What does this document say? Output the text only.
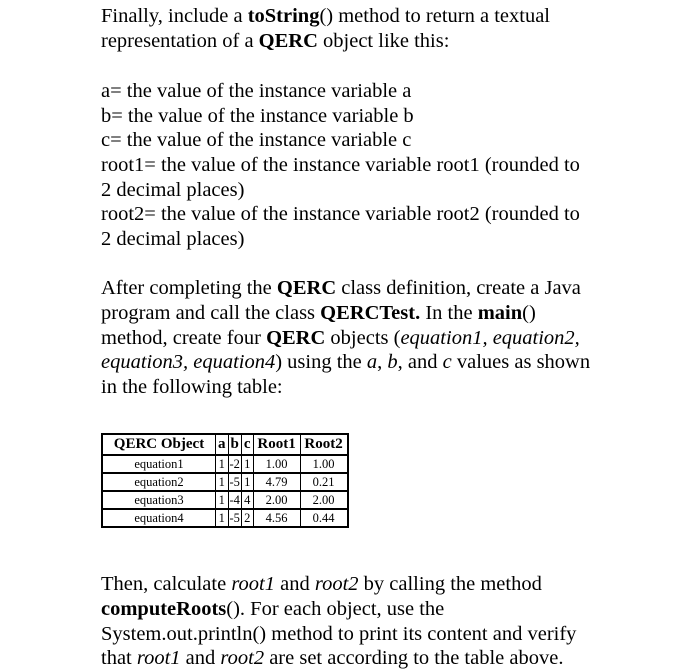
Finally, include a toString() method to return a textual
representation of a QERC object like this:

a= the value of the instance variable a
b= the value of the instance variable b
c= the value of the instance variable c
root1= the value of the instance variable root1 (rounded to
2 decimal places)
root2= the value of the instance variable root2 (rounded to
2 decimal places)

After completing the QERC class definition, create a Java
program and call the class QERCTest. In the main()
method, create four QERC objects (equation1, equation2,
equation3, equation4) using the a, b, and c values as shown
in the following table:

QERC Object	a	b	c	Root1	Root2
equation1	1	-2	1	1.00	1.00
equation2	1	-5	1	4.79	0.21
equation3	1	-4	4	2.00	2.00
equation4	1	-5	2	4.56	0.44

Then, calculate root1 and root2 by calling the method
computeRoots(). For each object, use the
System.out.println() method to print its content and verify
that root1 and root2 are set according to the table above.
